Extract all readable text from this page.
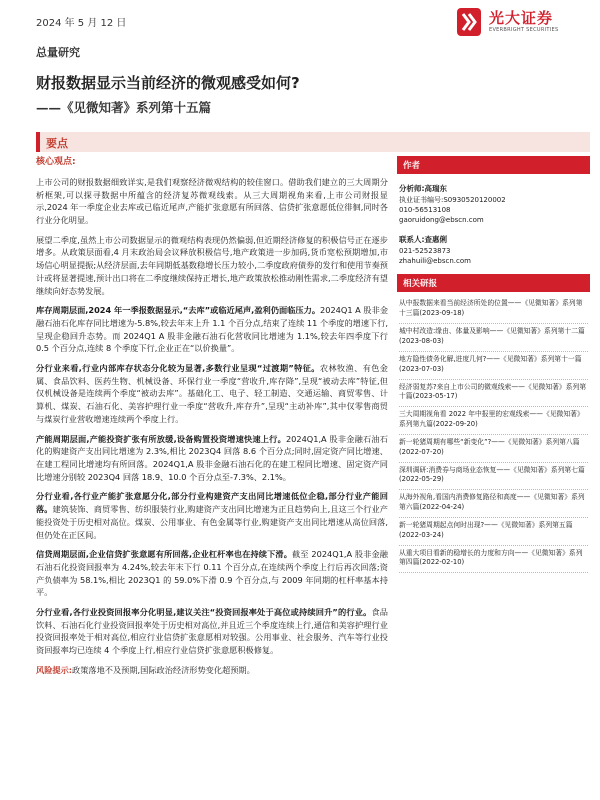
2024 年 5 月 12 日	光大证券
EVERBRIGHT SECURITIES
总量研究
财报数据显示当前经济的微观感受如何?
——《见微知著》系列第十五篇
要点
核心观点:

上市公司的财报数据细致详实,是我们观察经济微观结构的较佳窗口。借助我们建立的三大周期分析框架,可以探寻数据中所蕴含的经济复苏微观线索。从三大周期视角来看,上市公司财报显示,2024 年一季度企业去库或已临近尾声,产能扩张意愿有所回落、信贷扩张意愿低位徘徊,同时各行业分化明显。

展望二季度,虽然上市公司数据显示的微观结构表现仍然偏弱,但近期经济修复的积极信号正在逐步增多。从政策层面看,4 月末政治局会议释放积极信号,地产政策进一步加码,货币宽松预期增加,市场信心明显提振;从经济层面,去年同期低基数稳增长压力较小,二季度政府债券的发行和使用节奏预计或将显著提速,预计出口将在二季度继续保持正增长,地产政策放松推动刚性需求,二季度经济有望继续向好态势发展。

库存周期层面,2024 年一季报数据显示,“去库”或临近尾声,盈利仍面临压力。2024Q1 A 股非金融石油石化库存同比增速为-5.8%,较去年末上升 1.1 个百分点,结束了连续 11 个季度的增速下行,呈现企稳回升态势。而 2024Q1 A 股非金融石油石化营收同比增速为 1.1%,较去年四季度下行 0.5 个百分点,连续 8 个季度下行,企业正在“以价换量”。

分行业来看,行业内部库存状态分化较为显著,多数行业呈现“过渡期”特征。农林牧渔、有色金属、食品饮料、医药生物、机械设备、环保行业一季度“营收升,库存降”,呈现“被动去库”特征,但仅机械设备是连续两个季度“被动去库”。基础化工、电子、轻工制造、交通运输、商贸零售、计算机、煤炭、石油石化、美容护理行业一季度“营收升,库存升”,呈现“主动补库”,其中仅零售商贸与煤炭行业营收增速连续两个季度上行。

产能周期层面,产能投资扩张有所放缓,设备购置投资增速快速上行。2024Q1,A 股非金融石油石化的购建资产支出同比增速为 2.3%,相比 2023Q4 回落 8.6 个百分点;同时,固定资产同比增速、在建工程同比增速均有所回落。2024Q1,A 股非金融石油石化的在建工程同比增速、固定资产同比增速分别较 2023Q4 回落 18.9、10.0 个百分点至-7.3%、2.1%。

分行业看,各行业产能扩张意愿分化,部分行业构建资产支出同比增速低位企稳,部分行业产能回落。建筑装饰、商贸零售、纺织服装行业,购建资产支出同比增速为正且趋势向上,且这三个行业产能投资处于历史相对高位。煤炭、公用事业、有色金属等行业,购建资产支出同比增速从高位回落,但仍处在正区间。

信贷周期层面,企业信贷扩张意愿有所回落,企业杠杆率也在持续下滑。截至 2024Q1,A 股非金融石油石化投资回报率为 4.24%,较去年末下行 0.11 个百分点,在连续两个季度上行后再次回落;资产负债率为 58.1%,相比 2023Q1 的 59.0%下滑 0.9 个百分点,与 2009 年同期的杠杆率基本持平。

分行业看,各行业投资回报率分化明显,建议关注“投资回报率处于高位或持续回升”的行业。食品饮料、石油石化行业投资回报率处于历史相对高位,并且近三个季度连续上行,通信和美容护理行业投资回报率处于相对高位,相应行业信贷扩张意愿相对较强。公用事业、社会服务、汽车等行业投资回报率均已连续 4 个季度上行,相应行业信贷扩张意愿积极修复。

风险提示:政策落地不及预期,国际政治经济形势变化超预期。

作者
分析师:高瑞东
执业证书编号:S0930520120002
010-56513108
gaoruidong@ebscn.com
联系人:查惠俐
021-52523873
zhahuili@ebscn.com
相关研报
从中报数据来看当前经济所处的位置——《见微知著》系列第十三篇(2023-09-18)
城中村改造:缘由、体量及影响——《见微知著》系列第十二篇(2023-08-03)
地方隐性债务化解,进度几何?——《见微知著》系列第十一篇(2023-07-03)
经济弱复苏?来自上市公司的微观线索——《见微知著》系列第十篇(2023-05-17)
三大周期视角看 2022 年中报里的宏观线索——《见微知著》系列第九篇(2022-09-20)
新一轮猪周期有哪些“新变化”?——《见微知著》系列第八篇(2022-07-20)
深圳调研:消费券与商场业态恢复——《见微知著》系列第七篇(2022-05-29)
从海外视角,看国内消费修复路径和高度——《见微知著》系列第六篇(2022-04-24)
新一轮猪周期起点何时出现?——《见微知著》系列第五篇(2022-03-24)
从重大项目看新的稳增长的力度和方向——《见微知著》系列第四篇(2022-02-10)
